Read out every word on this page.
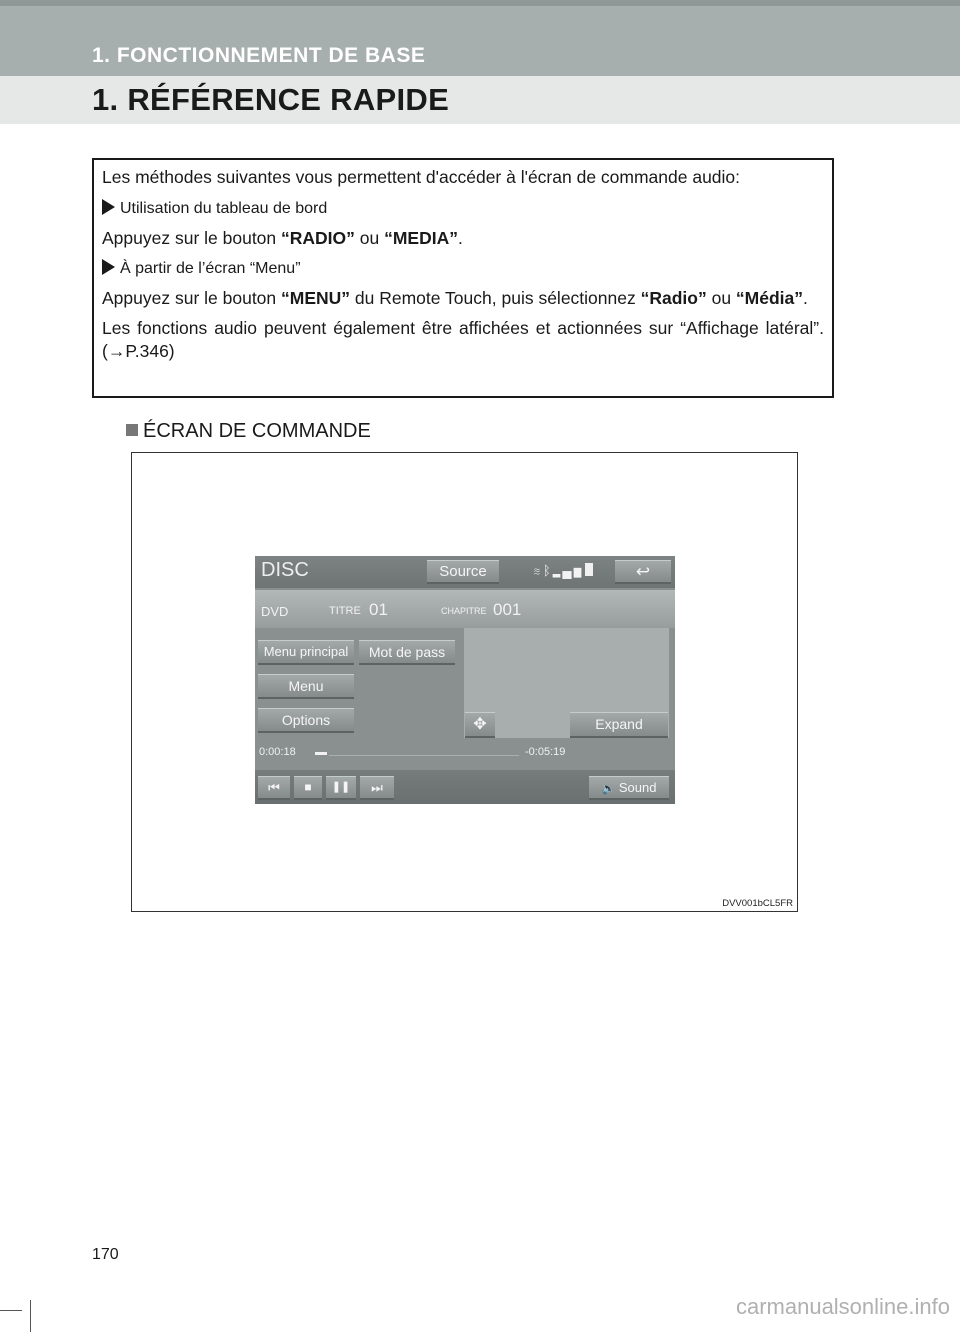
1. FONCTIONNEMENT DE BASE
1. RÉFÉRENCE RAPIDE

Les méthodes suivantes vous permettent d'accéder à l'écran de commande audio:

Utilisation du tableau de bord

Appuyez sur le bouton “RADIO” ou “MEDIA”.

À partir de l’écran “Menu”

Appuyez sur le bouton “MENU” du Remote Touch, puis sélectionnez “Radio” ou “Média”.

Les fonctions audio peuvent également être affichées et actionnées sur “Affichage latéral”. (→P.346)

ÉCRAN DE COMMANDE
DVV001bCL5FR
DISC	Source	≋ᛒ▂▄▆	↩
DVD	TITRE 01	CHAPITRE 001
Menu principal	Mot de pass
Menu
Options	✥	Expand
0:00:18	-0:05:19
⏮	■	❚❚	⏭	🔈 Sound
170
carmanualsonline.info
